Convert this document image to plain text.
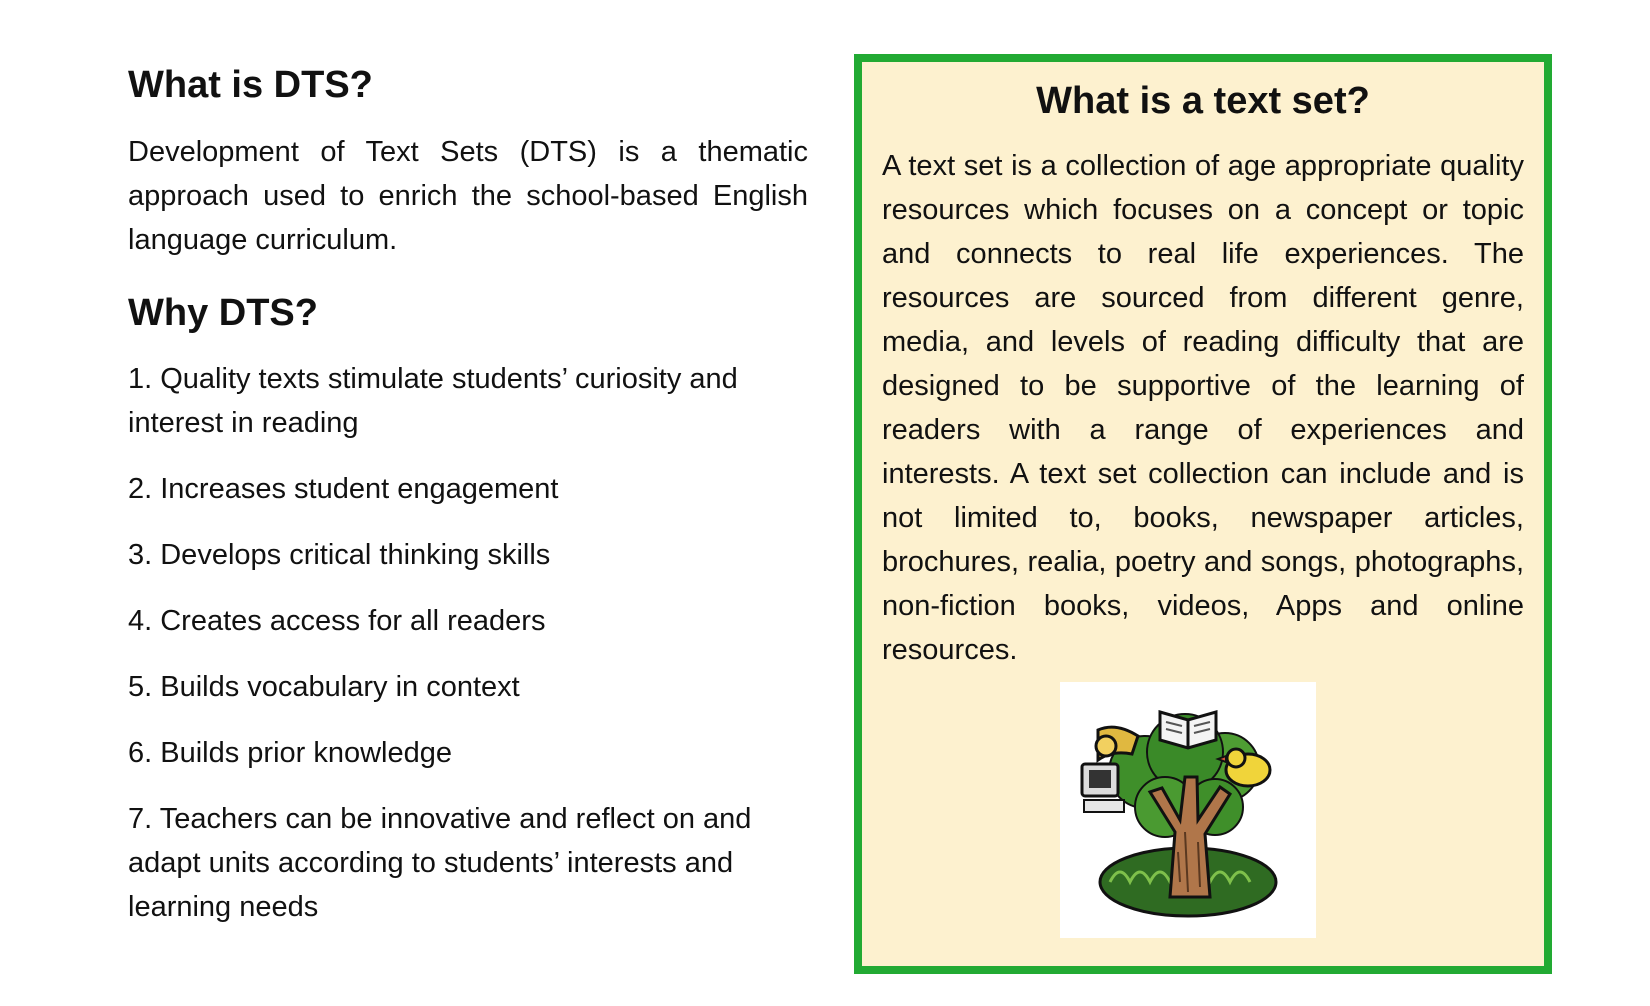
What is DTS?

Development of Text Sets (DTS) is a thematic approach used to enrich the school-based English language curriculum.

Why DTS?
1. Quality texts stimulate students’ curiosity and interest in reading
2. Increases student engagement
3. Develops critical thinking skills
4. Creates access for all readers
5. Builds vocabulary in context
6. Builds prior knowledge
7. Teachers can be innovative and reflect on and adapt units according to students’ interests and learning needs
What is a text set?

A text set is a collection of age appropriate quality resources which focuses on a concept or topic and connects to real life experiences. The resources are sourced from different genre, media, and levels of reading difficulty that are designed to be supportive of the learning of readers with a range of experiences and interests. A text set collection can include and is not limited to, books, newspaper articles, brochures, realia, poetry and songs, photographs, non-fiction books, videos, Apps and online resources.
